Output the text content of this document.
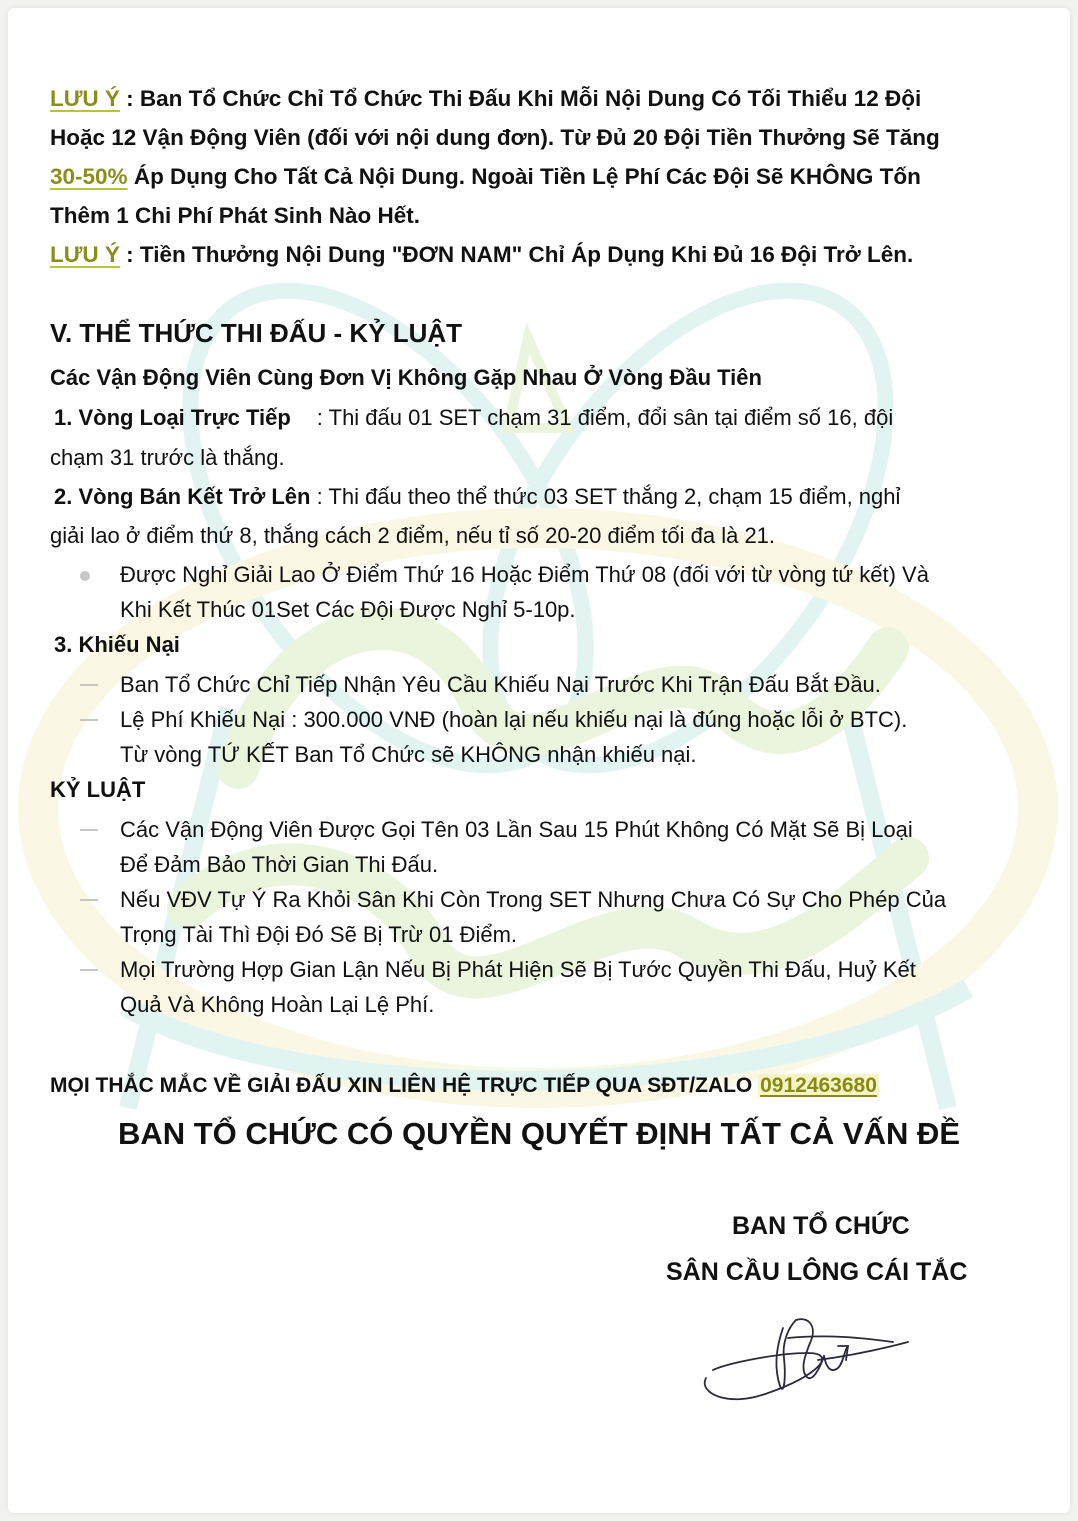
LƯU Ý : Ban Tổ Chức Chỉ Tổ Chức Thi Đấu Khi Mỗi Nội Dung Có Tối Thiểu 12 Đội
Hoặc 12 Vận Động Viên (đối với nội dung đơn). Từ Đủ 20 Đội Tiền Thưởng Sẽ Tăng
30-50% Áp Dụng Cho Tất Cả Nội Dung. Ngoài Tiền Lệ Phí Các Đội Sẽ KHÔNG Tốn
Thêm 1 Chi Phí Phát Sinh Nào Hết.
LƯU Ý : Tiền Thưởng Nội Dung "ĐƠN NAM" Chỉ Áp Dụng Khi Đủ 16 Đội Trở Lên.
V. THỂ THỨC THI ĐẤU - KỶ LUẬT
Các Vận Động Viên Cùng Đơn Vị Không Gặp Nhau Ở Vòng Đầu Tiên
1. Vòng Loại Trực Tiếp : Thi đấu 01 SET chạm 31 điểm, đổi sân tại điểm số 16, đội
chạm 31 trước là thắng.
2. Vòng Bán Kết Trở Lên : Thi đấu theo thể thức 03 SET thắng 2, chạm 15 điểm, nghỉ
giải lao ở điểm thứ 8, thắng cách 2 điểm, nếu tỉ số 20-20 điểm tối đa là 21.
Được Nghỉ Giải Lao Ở Điểm Thứ 16 Hoặc Điểm Thứ 08 (đối với từ vòng tứ kết) Và
Khi Kết Thúc 01Set Các Đội Được Nghỉ 5-10p.
3. Khiếu Nại
Ban Tổ Chức Chỉ Tiếp Nhận Yêu Cầu Khiếu Nại Trước Khi Trận Đấu Bắt Đầu.
Lệ Phí Khiếu Nại : 300.000 VNĐ (hoàn lại nếu khiếu nại là đúng hoặc lỗi ở BTC).
Từ vòng TỨ KẾT Ban Tổ Chức sẽ KHÔNG nhận khiếu nại.
KỶ LUẬT
Các Vận Động Viên Được Gọi Tên 03 Lần Sau 15 Phút Không Có Mặt Sẽ Bị Loại
Để Đảm Bảo Thời Gian Thi Đấu.
Nếu VĐV Tự Ý Ra Khỏi Sân Khi Còn Trong SET Nhưng Chưa Có Sự Cho Phép Của
Trọng Tài Thì Đội Đó Sẽ Bị Trừ 01 Điểm.
Mọi Trường Hợp Gian Lận Nếu Bị Phát Hiện Sẽ Bị Tước Quyền Thi Đấu, Huỷ Kết
Quả Và Không Hoàn Lại Lệ Phí.
MỌI THẮC MẮC VỀ GIẢI ĐẤU XIN LIÊN HỆ TRỰC TIẾP QUA SĐT/ZALO 0912463680
BAN TỔ CHỨC CÓ QUYỀN QUYẾT ĐỊNH TẤT CẢ VẤN ĐỀ
BAN TỔ CHỨC
SÂN CẦU LÔNG CÁI TẮC
